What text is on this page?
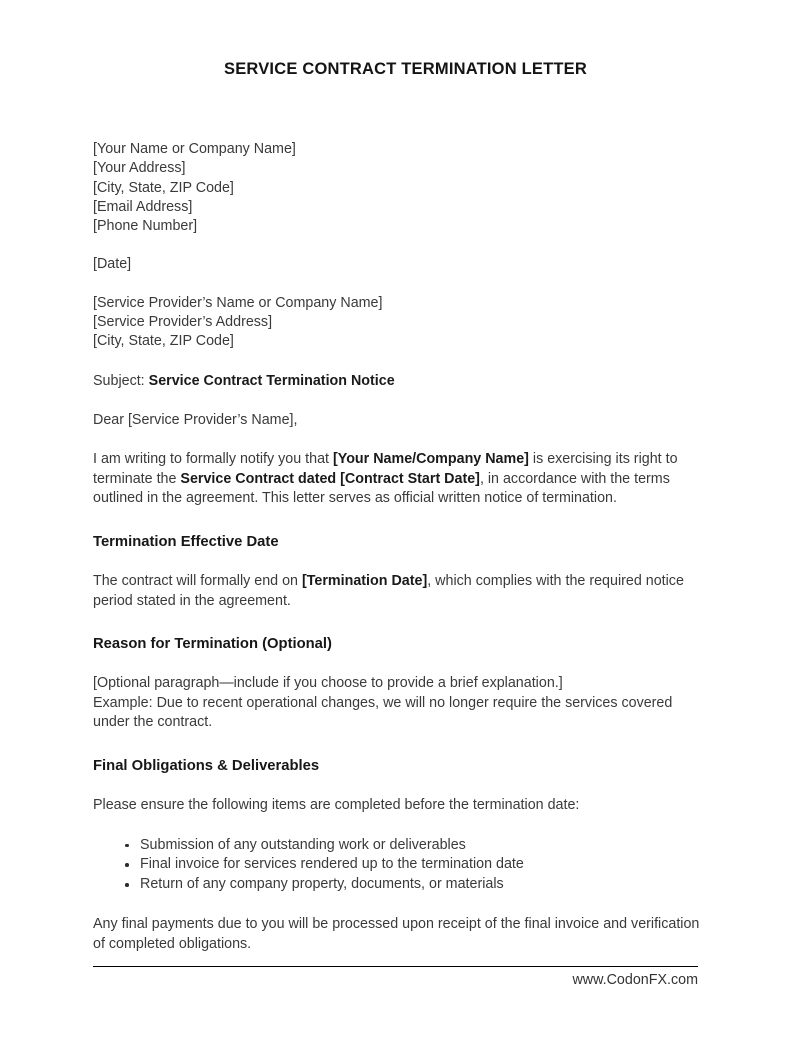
SERVICE CONTRACT TERMINATION LETTER
[Your Name or Company Name]
[Your Address]
[City, State, ZIP Code]
[Email Address]
[Phone Number]
[Date]
[Service Provider’s Name or Company Name]
[Service Provider’s Address]
[City, State, ZIP Code]
Subject: Service Contract Termination Notice
Dear [Service Provider’s Name],

I am writing to formally notify you that [Your Name/Company Name] is exercising its right to terminate the Service Contract dated [Contract Start Date], in accordance with the terms outlined in the agreement. This letter serves as official written notice of termination.

Termination Effective Date

The contract will formally end on [Termination Date], which complies with the required notice period stated in the agreement.

Reason for Termination (Optional)

[Optional paragraph—include if you choose to provide a brief explanation.]

Example: Due to recent operational changes, we will no longer require the services covered under the contract.

Final Obligations & Deliverables

Please ensure the following items are completed before the termination date:

Submission of any outstanding work or deliverables
Final invoice for services rendered up to the termination date
Return of any company property, documents, or materials

Any final payments due to you will be processed upon receipt of the final invoice and verification of completed obligations.

www.CodonFX.com
